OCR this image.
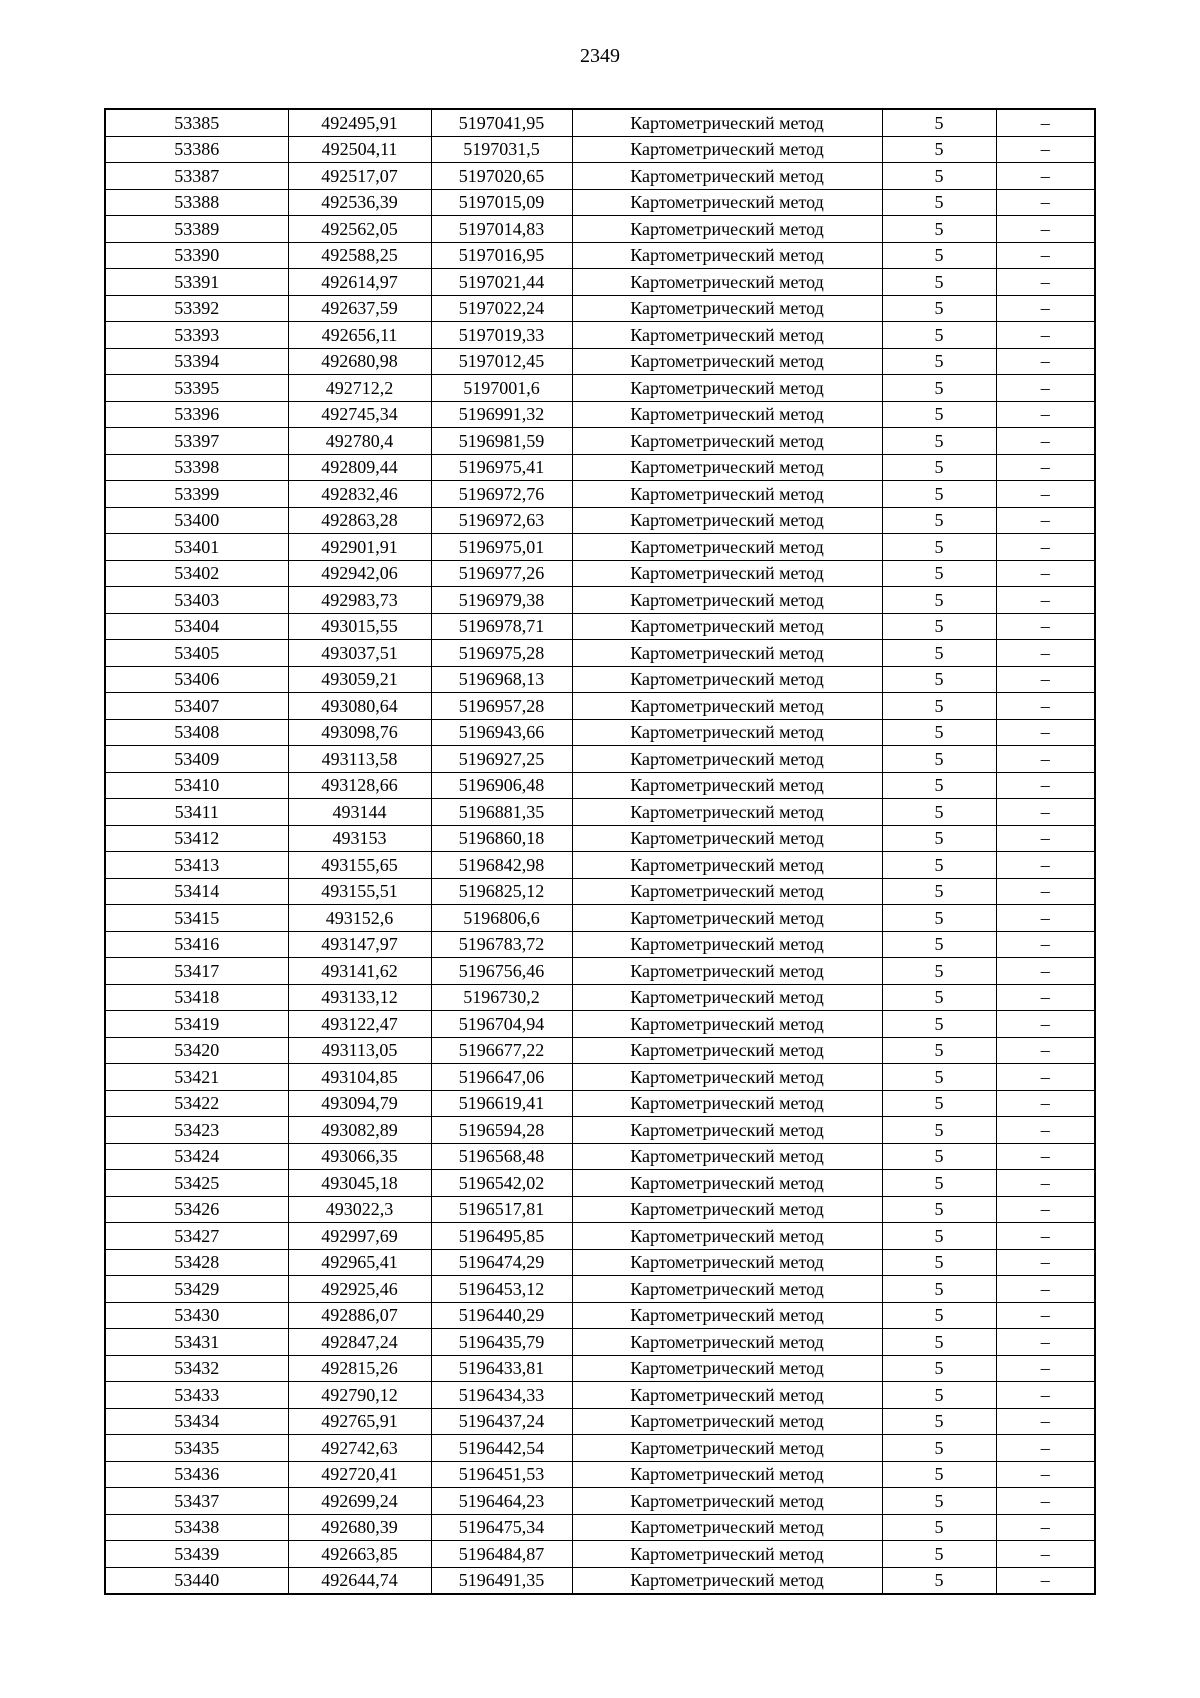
2349
53385	492495,91	5197041,95	Картометрический метод	5	–
53386	492504,11	5197031,5	Картометрический метод	5	–
53387	492517,07	5197020,65	Картометрический метод	5	–
53388	492536,39	5197015,09	Картометрический метод	5	–
53389	492562,05	5197014,83	Картометрический метод	5	–
53390	492588,25	5197016,95	Картометрический метод	5	–
53391	492614,97	5197021,44	Картометрический метод	5	–
53392	492637,59	5197022,24	Картометрический метод	5	–
53393	492656,11	5197019,33	Картометрический метод	5	–
53394	492680,98	5197012,45	Картометрический метод	5	–
53395	492712,2	5197001,6	Картометрический метод	5	–
53396	492745,34	5196991,32	Картометрический метод	5	–
53397	492780,4	5196981,59	Картометрический метод	5	–
53398	492809,44	5196975,41	Картометрический метод	5	–
53399	492832,46	5196972,76	Картометрический метод	5	–
53400	492863,28	5196972,63	Картометрический метод	5	–
53401	492901,91	5196975,01	Картометрический метод	5	–
53402	492942,06	5196977,26	Картометрический метод	5	–
53403	492983,73	5196979,38	Картометрический метод	5	–
53404	493015,55	5196978,71	Картометрический метод	5	–
53405	493037,51	5196975,28	Картометрический метод	5	–
53406	493059,21	5196968,13	Картометрический метод	5	–
53407	493080,64	5196957,28	Картометрический метод	5	–
53408	493098,76	5196943,66	Картометрический метод	5	–
53409	493113,58	5196927,25	Картометрический метод	5	–
53410	493128,66	5196906,48	Картометрический метод	5	–
53411	493144	5196881,35	Картометрический метод	5	–
53412	493153	5196860,18	Картометрический метод	5	–
53413	493155,65	5196842,98	Картометрический метод	5	–
53414	493155,51	5196825,12	Картометрический метод	5	–
53415	493152,6	5196806,6	Картометрический метод	5	–
53416	493147,97	5196783,72	Картометрический метод	5	–
53417	493141,62	5196756,46	Картометрический метод	5	–
53418	493133,12	5196730,2	Картометрический метод	5	–
53419	493122,47	5196704,94	Картометрический метод	5	–
53420	493113,05	5196677,22	Картометрический метод	5	–
53421	493104,85	5196647,06	Картометрический метод	5	–
53422	493094,79	5196619,41	Картометрический метод	5	–
53423	493082,89	5196594,28	Картометрический метод	5	–
53424	493066,35	5196568,48	Картометрический метод	5	–
53425	493045,18	5196542,02	Картометрический метод	5	–
53426	493022,3	5196517,81	Картометрический метод	5	–
53427	492997,69	5196495,85	Картометрический метод	5	–
53428	492965,41	5196474,29	Картометрический метод	5	–
53429	492925,46	5196453,12	Картометрический метод	5	–
53430	492886,07	5196440,29	Картометрический метод	5	–
53431	492847,24	5196435,79	Картометрический метод	5	–
53432	492815,26	5196433,81	Картометрический метод	5	–
53433	492790,12	5196434,33	Картометрический метод	5	–
53434	492765,91	5196437,24	Картометрический метод	5	–
53435	492742,63	5196442,54	Картометрический метод	5	–
53436	492720,41	5196451,53	Картометрический метод	5	–
53437	492699,24	5196464,23	Картометрический метод	5	–
53438	492680,39	5196475,34	Картометрический метод	5	–
53439	492663,85	5196484,87	Картометрический метод	5	–
53440	492644,74	5196491,35	Картометрический метод	5	–
